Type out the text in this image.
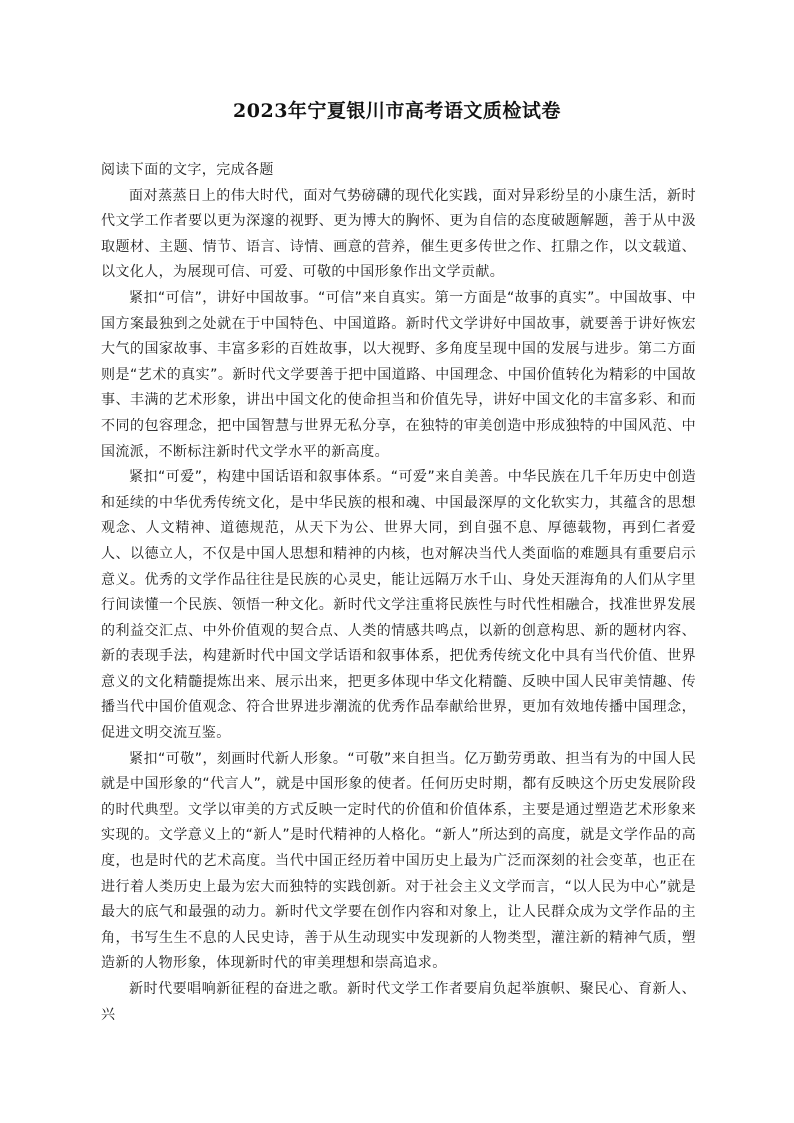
2023年宁夏银川市高考语文质检试卷

阅读下面的文字，完成各题

面对蒸蒸日上的伟大时代，面对气势磅礴的现代化实践，面对异彩纷呈的小康生活，新时代文学工作者要以更为深邃的视野、更为博大的胸怀、更为自信的态度破题解题，善于从中汲取题材、主题、情节、语言、诗情、画意的营养，催生更多传世之作、扛鼎之作，以文载道、以文化人，为展现可信、可爱、可敬的中国形象作出文学贡献。

紧扣“可信”，讲好中国故事。“可信”来自真实。第一方面是“故事的真实”。中国故事、中国方案最独到之处就在于中国特色、中国道路。新时代文学讲好中国故事，就要善于讲好恢宏大气的国家故事、丰富多彩的百姓故事，以大视野、多角度呈现中国的发展与进步。第二方面则是“艺术的真实”。新时代文学要善于把中国道路、中国理念、中国价值转化为精彩的中国故事、丰满的艺术形象，讲出中国文化的使命担当和价值先导，讲好中国文化的丰富多彩、和而不同的包容理念，把中国智慧与世界无私分享，在独特的审美创造中形成独特的中国风范、中国流派，不断标注新时代文学水平的新高度。

紧扣“可爱”，构建中国话语和叙事体系。“可爱”来自美善。中华民族在几千年历史中创造和延续的中华优秀传统文化，是中华民族的根和魂、中国最深厚的文化软实力，其蕴含的思想观念、人文精神、道德规范，从天下为公、世界大同，到自强不息、厚德载物，再到仁者爱人、以德立人，不仅是中国人思想和精神的内核，也对解决当代人类面临的难题具有重要启示意义。优秀的文学作品往往是民族的心灵史，能让远隔万水千山、身处天涯海角的人们从字里行间读懂一个民族、领悟一种文化。新时代文学注重将民族性与时代性相融合，找准世界发展的利益交汇点、中外价值观的契合点、人类的情感共鸣点，以新的创意构思、新的题材内容、新的表现手法，构建新时代中国文学话语和叙事体系，把优秀传统文化中具有当代价值、世界意义的文化精髓提炼出来、展示出来，把更多体现中华文化精髓、反映中国人民审美情趣、传播当代中国价值观念、符合世界进步潮流的优秀作品奉献给世界，更加有效地传播中国理念，促进文明交流互鉴。

紧扣“可敬”，刻画时代新人形象。“可敬”来自担当。亿万勤劳勇敢、担当有为的中国人民就是中国形象的“代言人”，就是中国形象的使者。任何历史时期，都有反映这个历史发展阶段的时代典型。文学以审美的方式反映一定时代的价值和价值体系，主要是通过塑造艺术形象来实现的。文学意义上的“新人”是时代精神的人格化。“新人”所达到的高度，就是文学作品的高度，也是时代的艺术高度。当代中国正经历着中国历史上最为广泛而深刻的社会变革，也正在进行着人类历史上最为宏大而独特的实践创新。对于社会主义文学而言，“以人民为中心”就是最大的底气和最强的动力。新时代文学要在创作内容和对象上，让人民群众成为文学作品的主角，书写生生不息的人民史诗，善于从生动现实中发现新的人物类型，灌注新的精神气质，塑造新的人物形象，体现新时代的审美理想和崇高追求。

新时代要唱响新征程的奋进之歌。新时代文学工作者要肩负起举旗帜、聚民心、育新人、兴
